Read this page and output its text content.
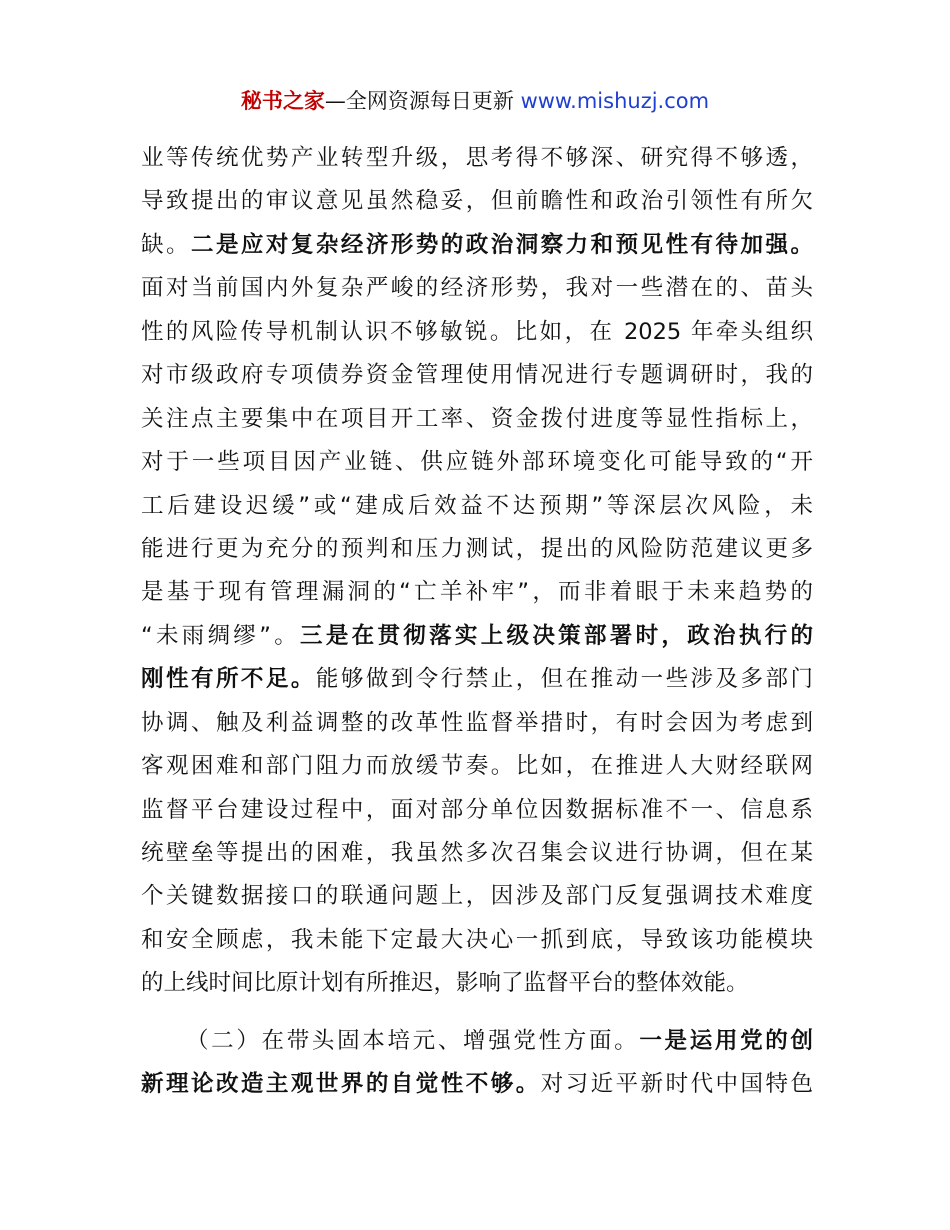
秘书之家—全网资源每日更新 www.mishuzj.com
业等传统优势产业转型升级，思考得不够深、研究得不够透，
导致提出的审议意见虽然稳妥，但前瞻性和政治引领性有所欠
缺。二是应对复杂经济形势的政治洞察力和预见性有待加强。
面对当前国内外复杂严峻的经济形势，我对一些潜在的、苗头
性的风险传导机制认识不够敏锐。比如，在 2025 年牵头组织
对市级政府专项债券资金管理使用情况进行专题调研时，我的
关注点主要集中在项目开工率、资金拨付进度等显性指标上，
对于一些项目因产业链、供应链外部环境变化可能导致的“开
工后建设迟缓”或“建成后效益不达预期”等深层次风险，未
能进行更为充分的预判和压力测试，提出的风险防范建议更多
是基于现有管理漏洞的“亡羊补牢”，而非着眼于未来趋势的
“未雨绸缪”。三是在贯彻落实上级决策部署时，政治执行的
刚性有所不足。能够做到令行禁止，但在推动一些涉及多部门
协调、触及利益调整的改革性监督举措时，有时会因为考虑到
客观困难和部门阻力而放缓节奏。比如，在推进人大财经联网
监督平台建设过程中，面对部分单位因数据标准不一、信息系
统壁垒等提出的困难，我虽然多次召集会议进行协调，但在某
个关键数据接口的联通问题上，因涉及部门反复强调技术难度
和安全顾虑，我未能下定最大决心一抓到底，导致该功能模块
的上线时间比原计划有所推迟，影响了监督平台的整体效能。
（二）在带头固本培元、增强党性方面。一是运用党的创
新理论改造主观世界的自觉性不够。对习近平新时代中国特色
